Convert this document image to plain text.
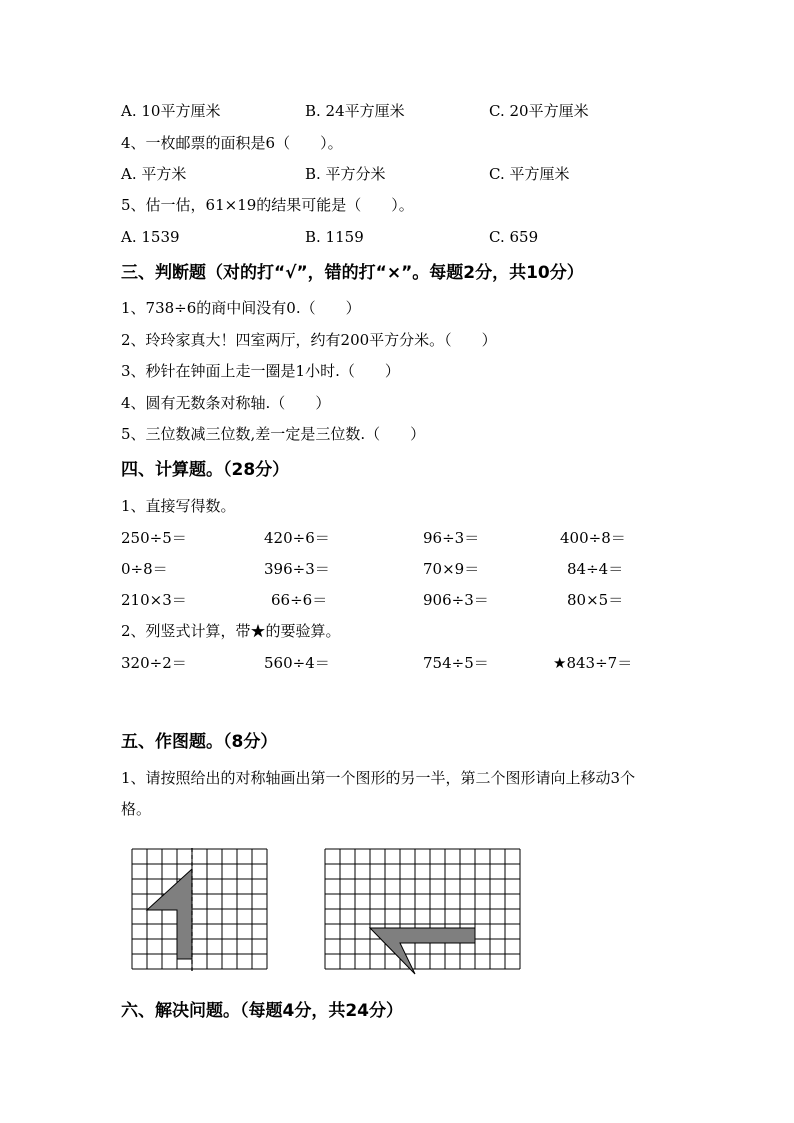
A. 10平方厘米	B. 24平方厘米	C. 20平方厘米
4、一枚邮票的面积是6（　　）。
A. 平方米	B. 平方分米	C. 平方厘米
5、估一估，61×19的结果可能是（　　）。
A. 1539	B. 1159	C. 659
三、判断题（对的打“√”，错的打“×”。每题2分，共10分）
1、738÷6的商中间没有0.（　　）
2、玲玲家真大！四室两厅，约有200平方分米。（　　）
3、秒针在钟面上走一圈是1小时.（　　）
4、圆有无数条对称轴.（　　）
5、三位数减三位数,差一定是三位数.（　　）
四、计算题。（28分）
1、直接写得数。
250÷5＝	420÷6＝	96÷3＝	400÷8＝
0÷8＝	396÷3＝	70×9＝	84÷4＝
210×3＝	66÷6＝	906÷3＝	80×5＝
2、列竖式计算，带★的要验算。
320÷2＝	560÷4＝	754÷5＝	★843÷7＝
五、作图题。（8分）
1、请按照给出的对称轴画出第一个图形的另一半，第二个图形请向上移动3个
格。
六、解决问题。（每题4分，共24分）
